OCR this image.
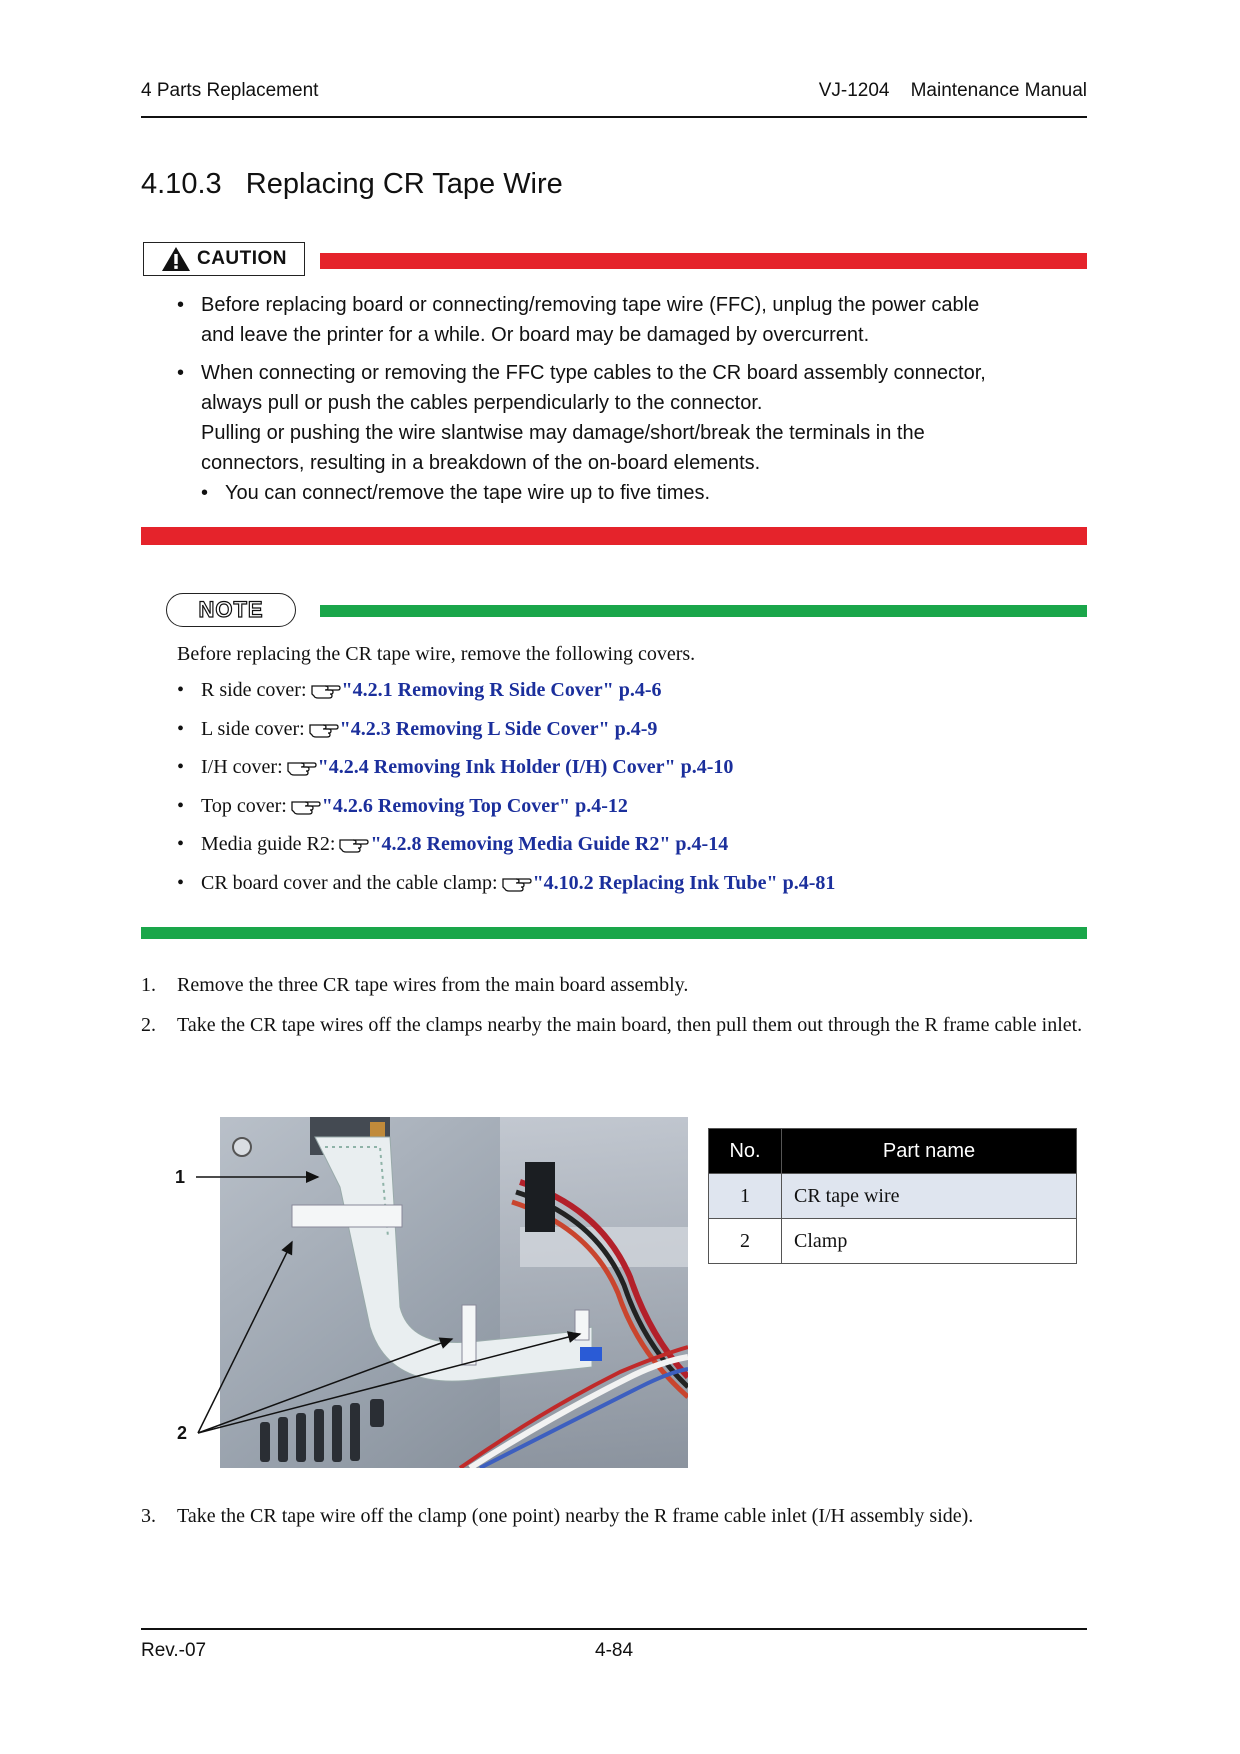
4 Parts Replacement	VJ-1204    Maintenance Manual
4.10.3   Replacing CR Tape Wire
CAUTION
• Before replacing board or connecting/removing tape wire (FFC), unplug the power cable

and leave the printer for a while. Or board may be damaged by overcurrent.

• When connecting or removing the FFC type cables to the CR board assembly connector,

always pull or push the cables perpendicularly to the connector.

Pulling or pushing the wire slantwise may damage/short/break the terminals in the

connectors, resulting in a breakdown of the on-board elements.

• You can connect/remove the tape wire up to five times.
NOTE
Before replacing the CR tape wire, remove the following covers.
• R side cover: "4.2.1 Removing R Side Cover" p.4-6
• L side cover: "4.2.3 Removing L Side Cover" p.4-9
• I/H cover: "4.2.4 Removing Ink Holder (I/H) Cover" p.4-10
• Top cover: "4.2.6 Removing Top Cover" p.4-12
• Media guide R2: "4.2.8 Removing Media Guide R2" p.4-14
• CR board cover and the cable clamp: "4.10.2 Replacing Ink Tube" p.4-81
1. Remove the three CR tape wires from the main board assembly.
2. Take the CR tape wires off the clamps nearby the main board, then pull them out through the R frame cable inlet.
1
2
No.	Part name
1	CR tape wire
2	Clamp
3. Take the CR tape wire off the clamp (one point) nearby the R frame cable inlet (I/H assembly side).
Rev.-07	4-84
